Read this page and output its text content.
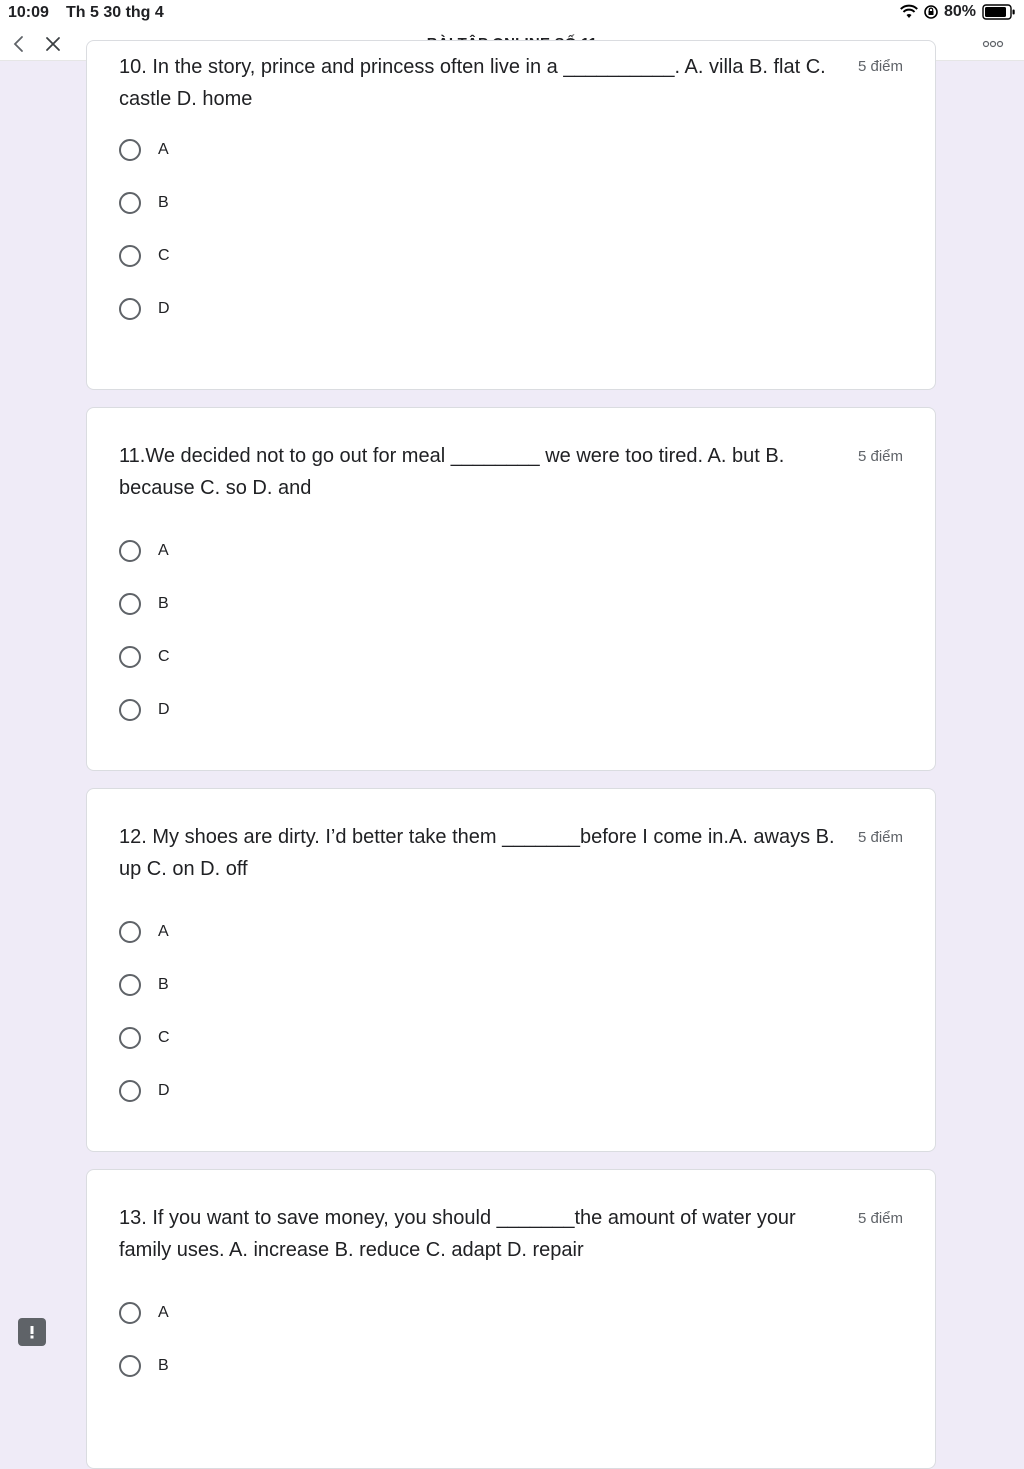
10:09 Th 5 30 thg 4	80%
10. In the story, prince and princess often live in a __________. A. villa B. flat C. castle D. home
5 điểm
A
B
C
D
11.We decided not to go out for meal ________ we were too tired. A. but B. because C. so D. and
5 điểm
A
B
C
D
12. My shoes are dirty. I’d better take them _______before I come in.A. aways B. up C. on D. off
5 điểm
A
B
C
D
13. If you want to save money, you should _______the amount of water your family uses. A. increase B. reduce C. adapt D. repair
5 điểm
A
B
